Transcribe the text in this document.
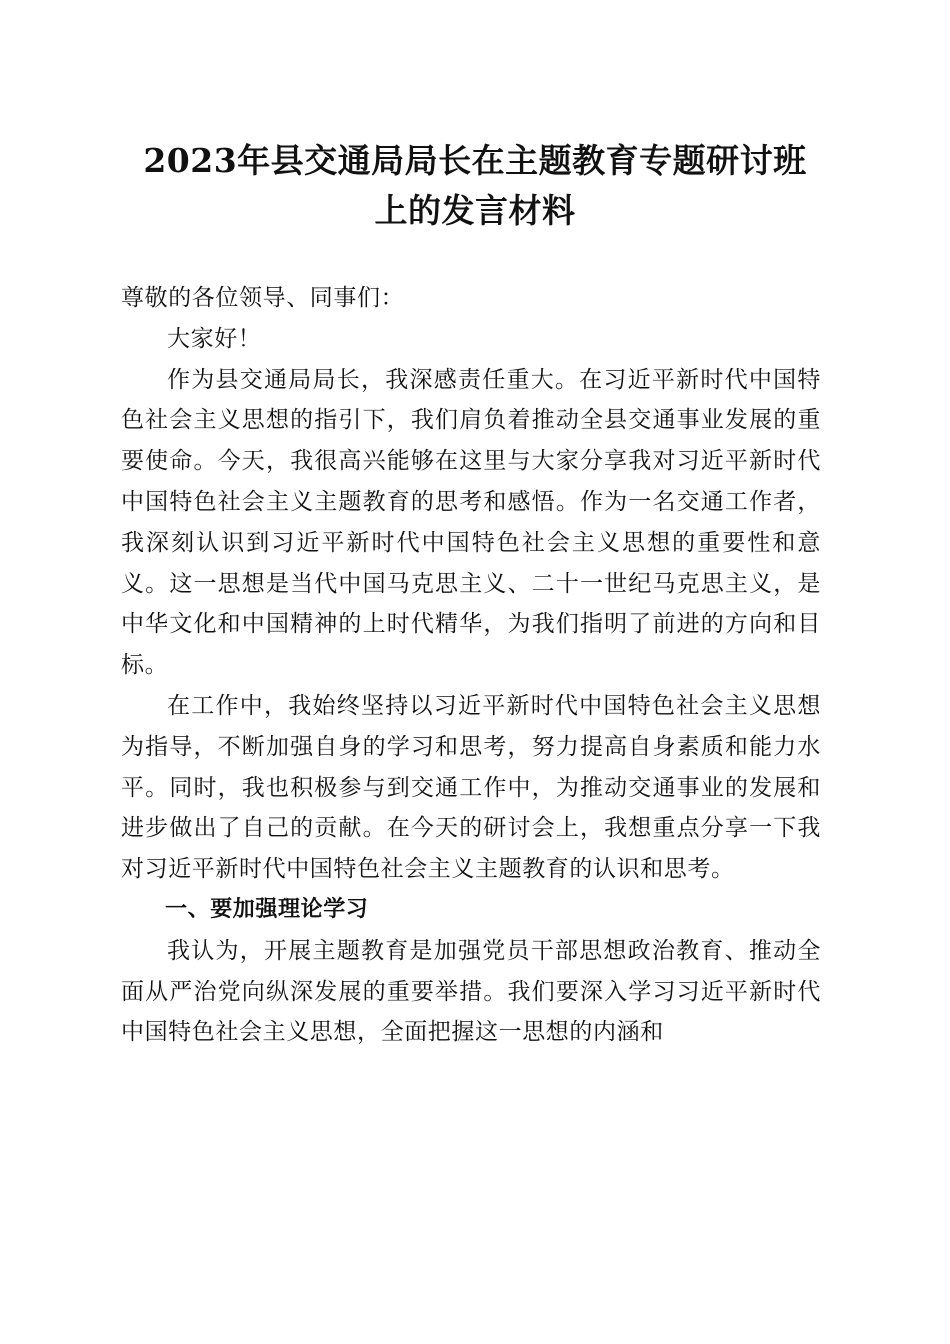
2023年县交通局局长在主题教育专题研讨班
上的发言材料

尊敬的各位领导、同事们：

大家好！

作为县交通局局长，我深感责任重大。在习近平新时代中国特色社会主义思想的指引下，我们肩负着推动全县交通事业发展的重要使命。今天，我很高兴能够在这里与大家分享我对习近平新时代中国特色社会主义主题教育的思考和感悟。作为一名交通工作者，我深刻认识到习近平新时代中国特色社会主义思想的重要性和意义。这一思想是当代中国马克思主义、二十一世纪马克思主义，是中华文化和中国精神的上时代精华，为我们指明了前进的方向和目标。

在工作中，我始终坚持以习近平新时代中国特色社会主义思想为指导，不断加强自身的学习和思考，努力提高自身素质和能力水平。同时，我也积极参与到交通工作中，为推动交通事业的发展和进步做出了自己的贡献。在今天的研讨会上，我想重点分享一下我对习近平新时代中国特色社会主义主题教育的认识和思考。

一、要加强理论学习

我认为，开展主题教育是加强党员干部思想政治教育、推动全面从严治党向纵深发展的重要举措。我们要深入学习习近平新时代中国特色社会主义思想，全面把握这一思想的内涵和
